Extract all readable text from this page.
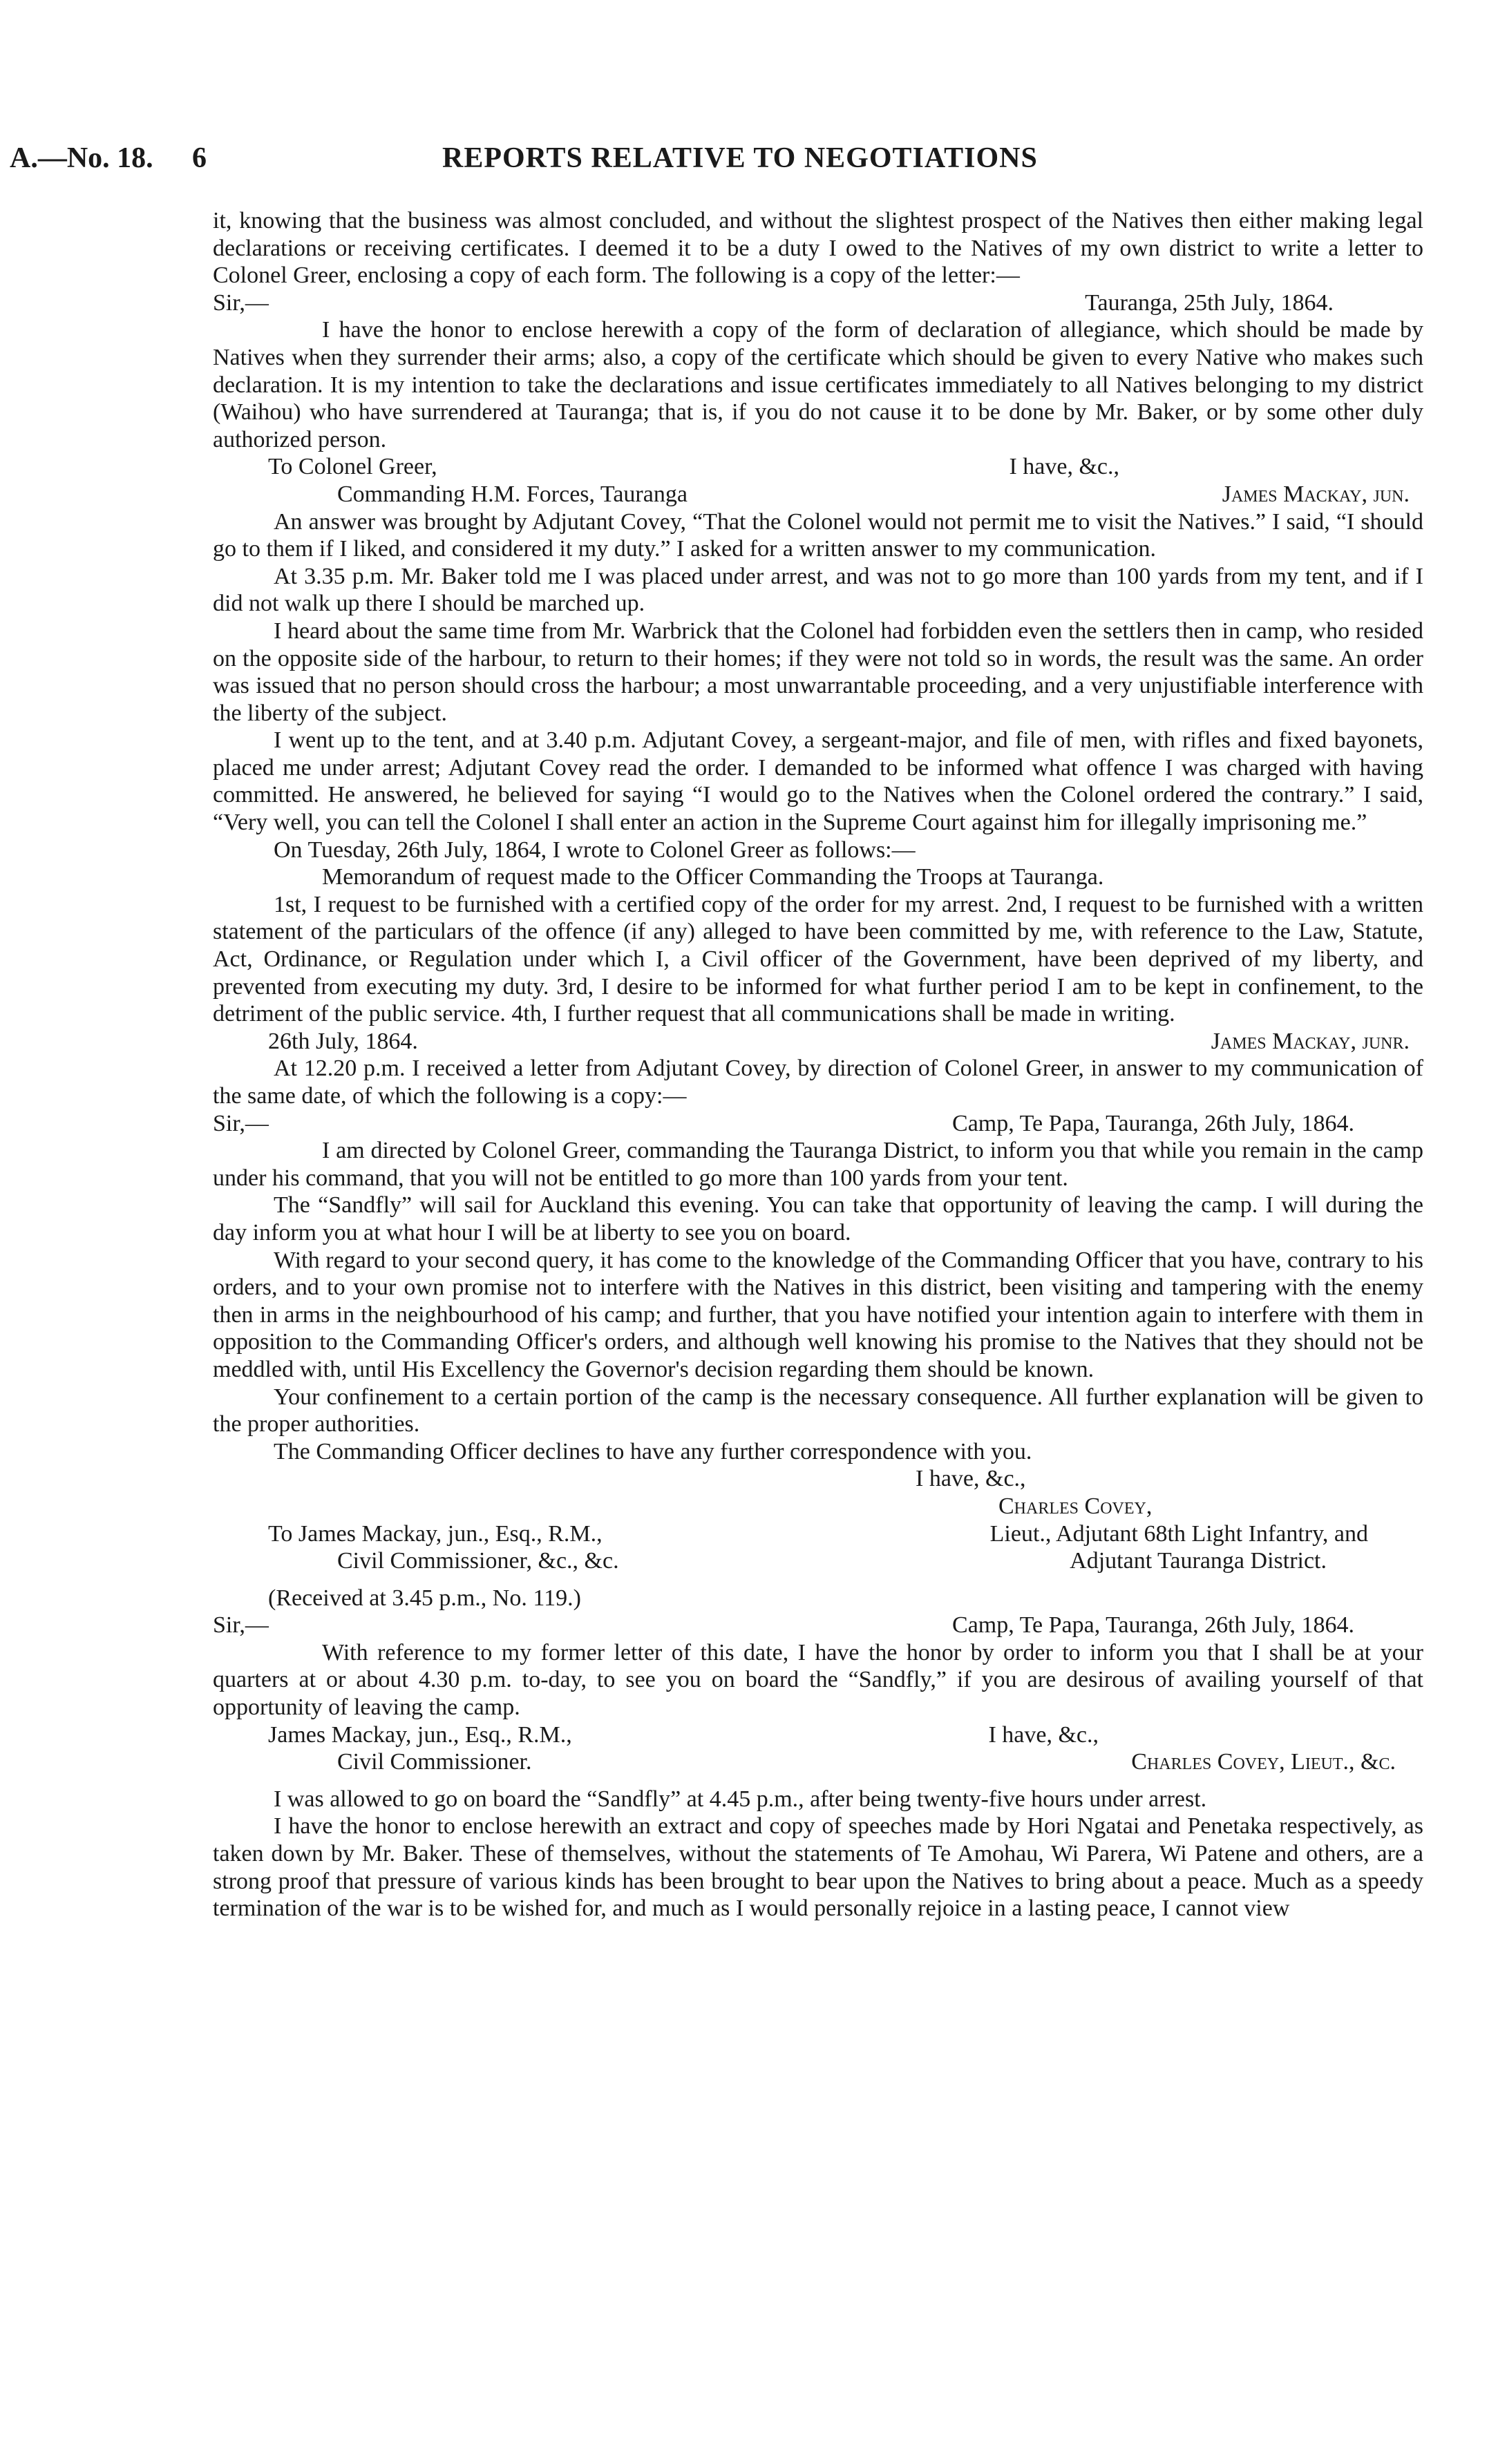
A.—No. 18. 6	REPORTS RELATIVE TO NEGOTIATIONS

it, knowing that the business was almost concluded, and without the slightest prospect of the Natives then either making legal declarations or receiving certificates. I deemed it to be a duty I owed to the Natives of my own district to write a letter to Colonel Greer, enclosing a copy of each form. The following is a copy of the letter:—

Sir,—	Tauranga, 25th July, 1864.

I have the honor to enclose herewith a copy of the form of declaration of allegiance, which should be made by Natives when they surrender their arms; also, a copy of the certificate which should be given to every Native who makes such declaration. It is my intention to take the declarations and issue certificates immediately to all Natives belonging to my district (Waihou) who have surrendered at Tauranga; that is, if you do not cause it to be done by Mr. Baker, or by some other duly authorized person.

To Colonel Greer,	I have, &c.,
Commanding H.M. Forces, Tauranga	James Mackay, jun.

An answer was brought by Adjutant Covey, “That the Colonel would not permit me to visit the Natives.” I said, “I should go to them if I liked, and considered it my duty.” I asked for a written answer to my communication.

At 3.35 p.m. Mr. Baker told me I was placed under arrest, and was not to go more than 100 yards from my tent, and if I did not walk up there I should be marched up.

I heard about the same time from Mr. Warbrick that the Colonel had forbidden even the settlers then in camp, who resided on the opposite side of the harbour, to return to their homes; if they were not told so in words, the result was the same. An order was issued that no person should cross the harbour; a most unwarrantable proceeding, and a very unjustifiable interference with the liberty of the subject.

I went up to the tent, and at 3.40 p.m. Adjutant Covey, a sergeant-major, and file of men, with rifles and fixed bayonets, placed me under arrest; Adjutant Covey read the order. I demanded to be informed what offence I was charged with having committed. He answered, he believed for saying “I would go to the Natives when the Colonel ordered the contrary.” I said, “Very well, you can tell the Colonel I shall enter an action in the Supreme Court against him for illegally imprisoning me.”

On Tuesday, 26th July, 1864, I wrote to Colonel Greer as follows:—

Memorandum of request made to the Officer Commanding the Troops at Tauranga.

1st, I request to be furnished with a certified copy of the order for my arrest. 2nd, I request to be furnished with a written statement of the particulars of the offence (if any) alleged to have been committed by me, with reference to the Law, Statute, Act, Ordinance, or Regulation under which I, a Civil officer of the Government, have been deprived of my liberty, and prevented from executing my duty. 3rd, I desire to be informed for what further period I am to be kept in confinement, to the detriment of the public service. 4th, I further request that all communications shall be made in writing.

26th July, 1864.	James Mackay, junr.

At 12.20 p.m. I received a letter from Adjutant Covey, by direction of Colonel Greer, in answer to my communication of the same date, of which the following is a copy:—

Sir,—	Camp, Te Papa, Tauranga, 26th July, 1864.

I am directed by Colonel Greer, commanding the Tauranga District, to inform you that while you remain in the camp under his command, that you will not be entitled to go more than 100 yards from your tent.

The “Sandfly” will sail for Auckland this evening. You can take that opportunity of leaving the camp. I will during the day inform you at what hour I will be at liberty to see you on board.

With regard to your second query, it has come to the knowledge of the Commanding Officer that you have, contrary to his orders, and to your own promise not to interfere with the Natives in this district, been visiting and tampering with the enemy then in arms in the neighbourhood of his camp; and further, that you have notified your intention again to interfere with them in opposition to the Commanding Officer's orders, and although well knowing his promise to the Natives that they should not be meddled with, until His Excellency the Governor's decision regarding them should be known.

Your confinement to a certain portion of the camp is the necessary consequence. All further explanation will be given to the proper authorities.

The Commanding Officer declines to have any further correspondence with you.

I have, &c.,
Charles Covey,
To James Mackay, jun., Esq., R.M.,	Lieut., Adjutant 68th Light Infantry, and
Civil Commissioner, &c., &c.	Adjutant Tauranga District.
(Received at 3.45 p.m., No. 119.)
Sir,—	Camp, Te Papa, Tauranga, 26th July, 1864.

With reference to my former letter of this date, I have the honor by order to inform you that I shall be at your quarters at or about 4.30 p.m. to-day, to see you on board the “Sandfly,” if you are desirous of availing yourself of that opportunity of leaving the camp.

James Mackay, jun., Esq., R.M.,	I have, &c.,
Civil Commissioner.	Charles Covey, Lieut., &c.

I was allowed to go on board the “Sandfly” at 4.45 p.m., after being twenty-five hours under arrest.

I have the honor to enclose herewith an extract and copy of speeches made by Hori Ngatai and Penetaka respectively, as taken down by Mr. Baker. These of themselves, without the statements of Te Amohau, Wi Parera, Wi Patene and others, are a strong proof that pressure of various kinds has been brought to bear upon the Natives to bring about a peace. Much as a speedy termination of the war is to be wished for, and much as I would personally rejoice in a lasting peace, I cannot view
